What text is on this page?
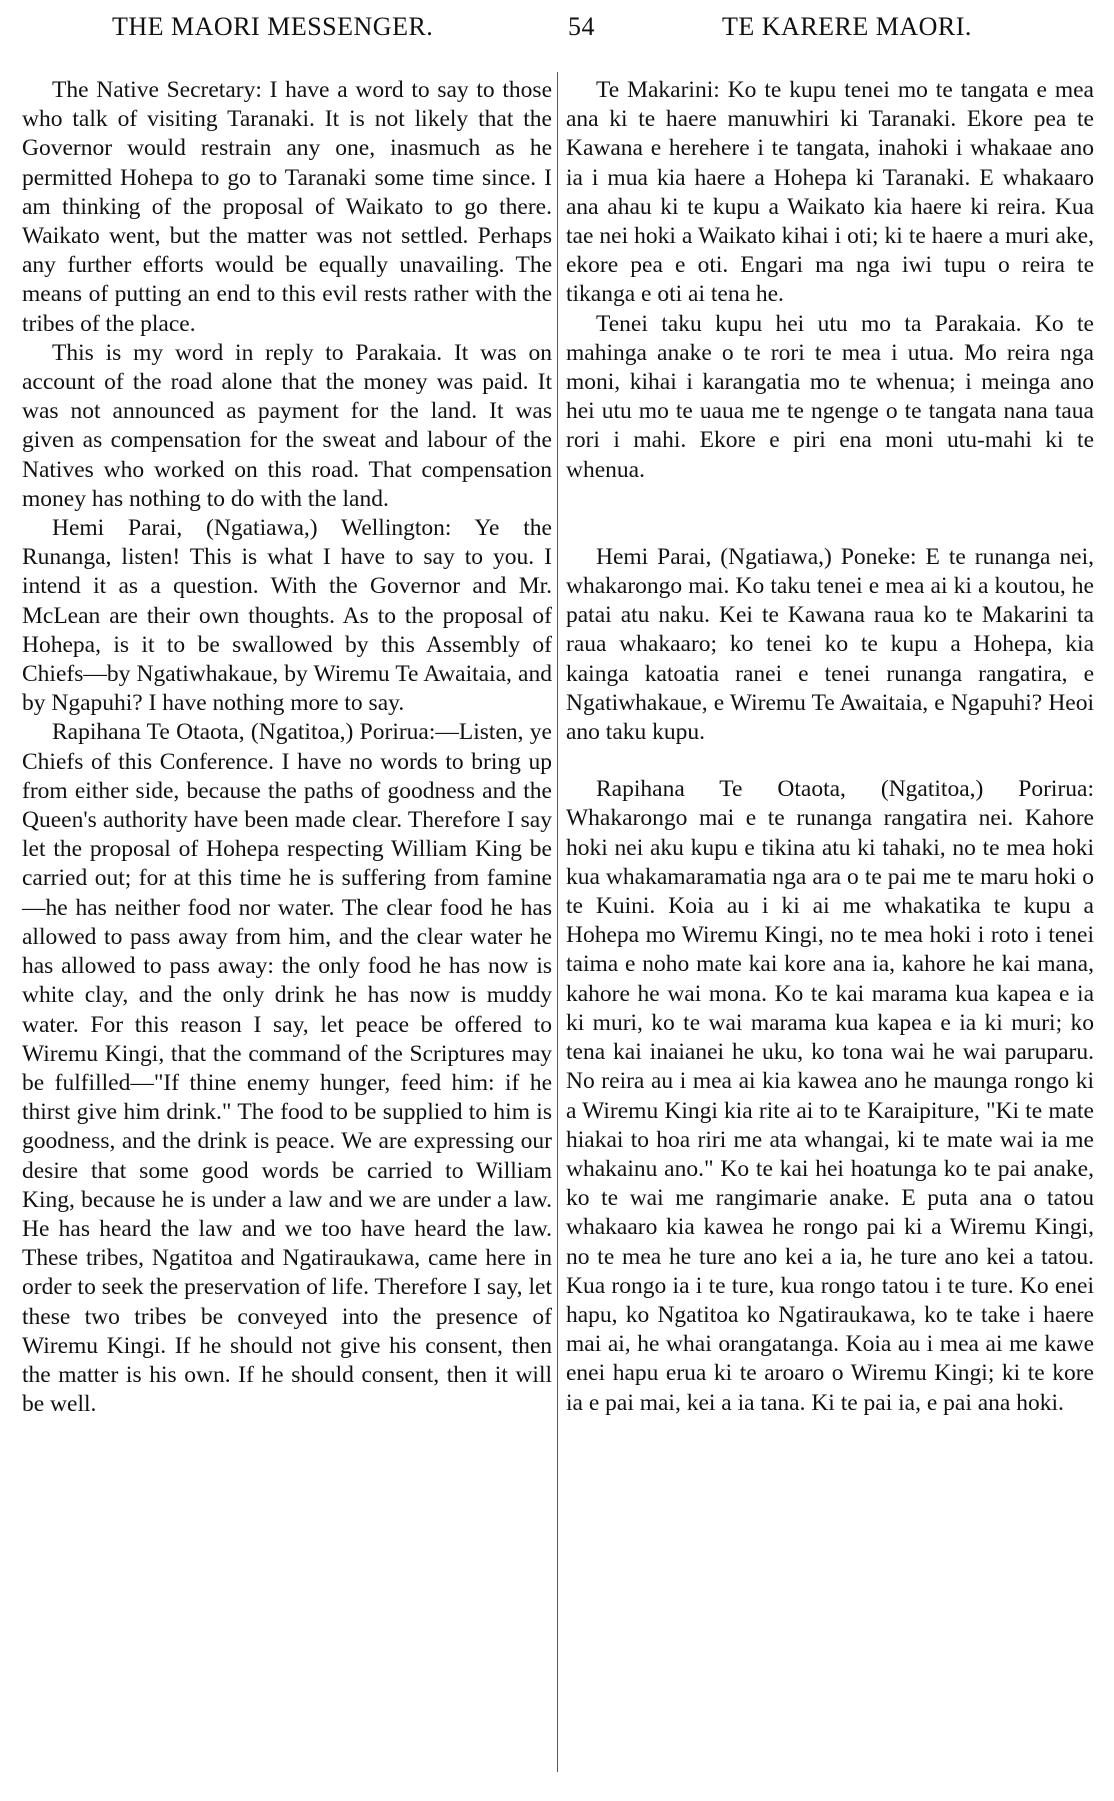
THE MAORI MESSENGER.	54	TE KARERE MAORI.

The Native Secretary: I have a word to say to those who talk of visiting Taranaki. It is not likely that the Governor would restrain any one, inasmuch as he permitted Hohepa to go to Taranaki some time since. I am thinking of the proposal of Waikato to go there. Waikato went, but the matter was not settled. Perhaps any further efforts would be equally unavailing. The means of putting an end to this evil rests rather with the tribes of the place.

This is my word in reply to Parakaia. It was on account of the road alone that the money was paid. It was not announced as payment for the land. It was given as compensation for the sweat and labour of the Natives who worked on this road. That compensation money has nothing to do with the land.

Hemi Parai, (Ngatiawa,) Wellington: Ye the Runanga, listen! This is what I have to say to you. I intend it as a question. With the Governor and Mr. McLean are their own thoughts. As to the proposal of Hohepa, is it to be swallowed by this Assembly of Chiefs—by Ngatiwhakaue, by Wiremu Te Awaitaia, and by Ngapuhi? I have nothing more to say.

Rapihana Te Otaota, (Ngatitoa,) Porirua:—Listen, ye Chiefs of this Conference. I have no words to bring up from either side, because the paths of goodness and the Queen's authority have been made clear. Therefore I say let the proposal of Hohepa respecting William King be carried out; for at this time he is suffering from famine—he has neither food nor water. The clear food he has allowed to pass away from him, and the clear water he has allowed to pass away: the only food he has now is white clay, and the only drink he has now is muddy water. For this reason I say, let peace be offered to Wiremu Kingi, that the command of the Scriptures may be fulfilled—"If thine enemy hunger, feed him: if he thirst give him drink." The food to be supplied to him is goodness, and the drink is peace. We are expressing our desire that some good words be carried to William King, because he is under a law and we are under a law. He has heard the law and we too have heard the law. These tribes, Ngatitoa and Ngatiraukawa, came here in order to seek the preservation of life. Therefore I say, let these two tribes be conveyed into the presence of Wiremu Kingi. If he should not give his consent, then the matter is his own. If he should consent, then it will be well.

Te Makarini: Ko te kupu tenei mo te tangata e mea ana ki te haere manuwhiri ki Taranaki. Ekore pea te Kawana e herehere i te tangata, inahoki i whakaae ano ia i mua kia haere a Hohepa ki Taranaki. E whakaaro ana ahau ki te kupu a Waikato kia haere ki reira. Kua tae nei hoki a Waikato kihai i oti; ki te haere a muri ake, ekore pea e oti. Engari ma nga iwi tupu o reira te tikanga e oti ai tena he.

Tenei taku kupu hei utu mo ta Parakaia. Ko te mahinga anake o te rori te mea i utua. Mo reira nga moni, kihai i karangatia mo te whenua; i meinga ano hei utu mo te uaua me te ngenge o te tangata nana taua rori i mahi. Ekore e piri ena moni utu-mahi ki te whenua.

Hemi Parai, (Ngatiawa,) Poneke: E te runanga nei, whakarongo mai. Ko taku tenei e mea ai ki a koutou, he patai atu naku. Kei te Kawana raua ko te Makarini ta raua whakaaro; ko tenei ko te kupu a Hohepa, kia kainga katoatia ranei e tenei runanga rangatira, e Ngatiwhakaue, e Wiremu Te Awaitaia, e Ngapuhi? Heoi ano taku kupu.

Rapihana Te Otaota, (Ngatitoa,) Porirua: Whakarongo mai e te runanga rangatira nei. Kahore hoki nei aku kupu e tikina atu ki tahaki, no te mea hoki kua whakamaramatia nga ara o te pai me te maru hoki o te Kuini. Koia au i ki ai me whakatika te kupu a Hohepa mo Wiremu Kingi, no te mea hoki i roto i tenei taima e noho mate kai kore ana ia, kahore he kai mana, kahore he wai mona. Ko te kai marama kua kapea e ia ki muri, ko te wai marama kua kapea e ia ki muri; ko tena kai inaianei he uku, ko tona wai he wai paruparu. No reira au i mea ai kia kawea ano he maunga rongo ki a Wiremu Kingi kia rite ai to te Karaipiture, "Ki te mate hiakai to hoa riri me ata whangai, ki te mate wai ia me whakainu ano." Ko te kai hei hoatunga ko te pai anake, ko te wai me rangimarie anake. E puta ana o tatou whakaaro kia kawea he rongo pai ki a Wiremu Kingi, no te mea he ture ano kei a ia, he ture ano kei a tatou. Kua rongo ia i te ture, kua rongo tatou i te ture. Ko enei hapu, ko Ngatitoa ko Ngatiraukawa, ko te take i haere mai ai, he whai orangatanga. Koia au i mea ai me kawe enei hapu erua ki te aroaro o Wiremu Kingi; ki te kore ia e pai mai, kei a ia tana. Ki te pai ia, e pai ana hoki.
